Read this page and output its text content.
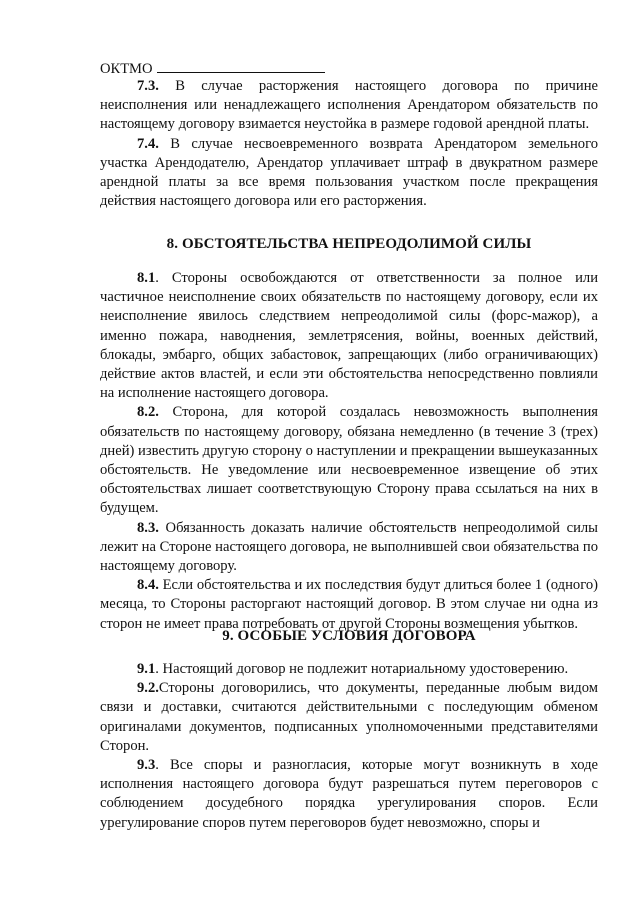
ОКТМО

7.3. В случае расторжения настоящего договора по причине неисполнения или ненадлежащего исполнения Арендатором обязательств по настоящему договору взимается неустойка в размере годовой арендной платы.

7.4. В случае несвоевременного возврата Арендатором земельного участка Арендодателю, Арендатор уплачивает штраф в двукратном размере арендной платы за все время пользования участком после прекращения действия настоящего договора или его расторжения.

8. ОБСТОЯТЕЛЬСТВА НЕПРЕОДОЛИМОЙ СИЛЫ

8.1. Стороны освобождаются от ответственности за полное или частичное неисполнение своих обязательств по настоящему договору, если их неисполнение явилось следствием непреодолимой силы (форс-мажор), а именно пожара, наводнения, землетрясения, войны, военных действий, блокады, эмбарго, общих забастовок, запрещающих (либо ограничивающих) действие актов властей, и если эти обстоятельства непосредственно повлияли на исполнение настоящего договора.

8.2. Сторона, для которой создалась невозможность выполнения обязательств по настоящему договору, обязана немедленно (в течение 3 (трех) дней) известить другую сторону о наступлении и прекращении вышеуказанных обстоятельств. Не уведомление или несвоевременное извещение об этих обстоятельствах лишает соответствующую Сторону права ссылаться на них в будущем.

8.3. Обязанность доказать наличие обстоятельств непреодолимой силы лежит на Стороне настоящего договора, не выполнившей свои обязательства по настоящему договору.

8.4. Если обстоятельства и их последствия будут длиться более 1 (одного) месяца, то Стороны расторгают настоящий договор. В этом случае ни одна из сторон не имеет права потребовать от другой Стороны возмещения убытков.

9. ОСОБЫЕ УСЛОВИЯ ДОГОВОРА

9.1. Настоящий договор не подлежит нотариальному удостоверению.

9.2.Стороны договорились, что документы, переданные любым видом связи и доставки, считаются действительными с последующим обменом оригиналами документов, подписанных уполномоченными представителями Сторон.

9.3. Все споры и разногласия, которые могут возникнуть в ходе исполнения настоящего договора будут разрешаться путем переговоров с соблюдением досудебного порядка урегулирования споров. Если урегулирование споров путем переговоров будет невозможно, споры и
